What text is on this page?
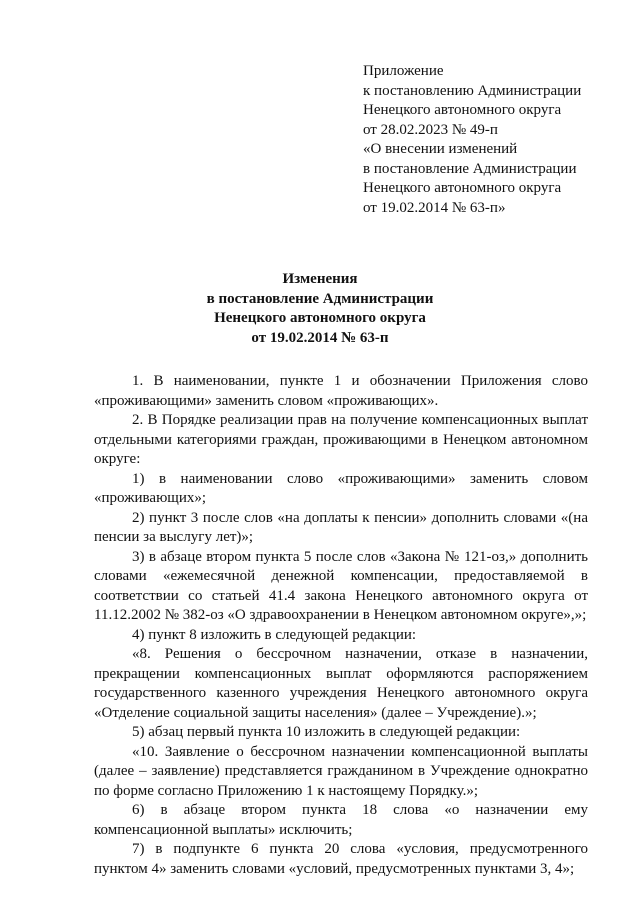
Приложение
к постановлению Администрации
Ненецкого автономного округа
от 28.02.2023 № 49-п
«О внесении изменений
в постановление Администрации
Ненецкого автономного округа
от 19.02.2014 № 63-п»
Изменения
в постановление Администрации
Ненецкого автономного округа
от 19.02.2014 № 63-п

1. В наименовании, пункте 1 и обозначении Приложения слово «проживающими» заменить словом «проживающих».

2. В Порядке реализации прав на получение компенсационных выплат отдельными категориями граждан, проживающими в Ненецком автономном округе:

1) в наименовании слово «проживающими» заменить словом «проживающих»;

2) пункт 3 после слов «на доплаты к пенсии» дополнить словами «(на пенсии за выслугу лет)»;

3) в абзаце втором пункта 5 после слов «Закона № 121-оз,» дополнить словами «ежемесячной денежной компенсации, предоставляемой в соответствии со статьей 41.4 закона Ненецкого автономного округа от 11.12.2002 № 382-оз «О здравоохранении в Ненецком автономном округе»,»;

4) пункт 8 изложить в следующей редакции:

«8. Решения о бессрочном назначении, отказе в назначении, прекращении компенсационных выплат оформляются распоряжением государственного казенного учреждения Ненецкого автономного округа «Отделение социальной защиты населения» (далее – Учреждение).»;

5) абзац первый пункта 10 изложить в следующей редакции:

«10. Заявление о бессрочном назначении компенсационной выплаты (далее – заявление) представляется гражданином в Учреждение однократно по форме согласно Приложению 1 к настоящему Порядку.»;

6) в абзаце втором пункта 18 слова «о назначении ему компенсационной выплаты» исключить;

7) в подпункте 6 пункта 20 слова «условия, предусмотренного пунктом 4» заменить словами «условий, предусмотренных пунктами 3, 4»;
